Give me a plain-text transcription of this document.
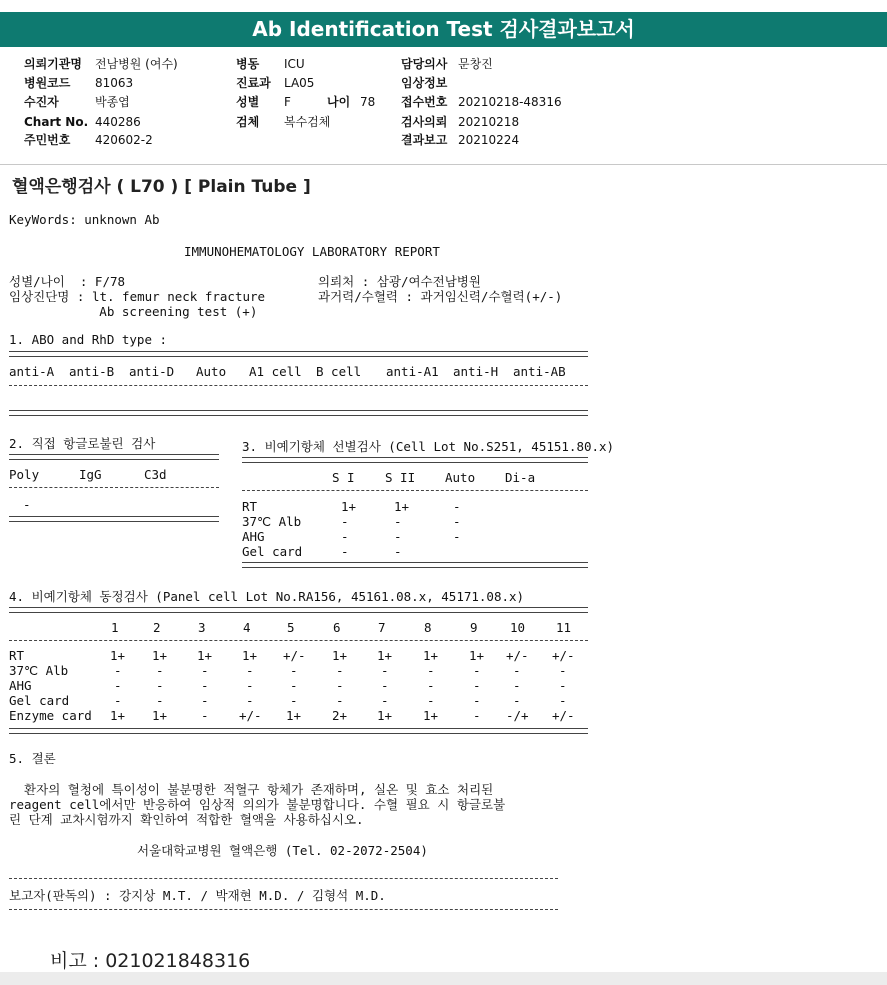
Ab Identification Test 검사결과보고서
의뢰기관명 전남병원 (여수)
병원코드 81063
수진자	박종엽
Chart No. 440286
주민번호 420602-2
병동 ICU
진료과 LA05
성별 F	나이 78
검체 복수검체
담당의사 문창진
임상정보
접수번호 20210218-48316
검사의뢰 20210218
결과보고 20210224
혈액은행검사 ( L70 ) [ Plain Tube ]
KeyWords: unknown Ab
IMMUNOHEMATOLOGY LABORATORY REPORT
성별/나이  : F/78
임상진단명 : lt. femur neck fracture
Ab screening test (+)
의뢰처 : 삼광/여수전남병원
과거력/수혈력 : 과거임신력/수혈력(+/-)
1. ABO and RhD type :
anti-A anti-B anti-D Auto A1 cell B cell anti-A1 anti-H anti-AB
2. 직접 항글로불린 검사
Poly	IgG	C3d
-
3. 비예기항체 선별검사 (Cell Lot No.S251, 45151.80.x)
S I S II Auto Di-a
RT	1+	1+	-
37℃ Alb	-	-	-
AHG	-	-	-
Gel card	-	-
4. 비예기항체 동정검사 (Panel cell Lot No.RA156, 45161.08.x, 45171.08.x)
1	2	3	4	5	6	7	8	9	10 11
RT	1+ 1+ 1+ 1+ +/- 1+ 1+ 1+ 1+ +/- +/-
37℃ Alb	-	-	-	-	-	-	-	-	-	-	-
AHG	-	-	-	-	-	-	-	-	-	-	-
Gel card	-	-	-	-	-	-	-	-	-	-	-
Enzyme card 1+ 1+	- +/- 1+ 2+ 1+ 1+	- -/+ +/-
5. 결론
환자의 혈청에 특이성이 불분명한 적혈구 항체가 존재하며, 실온 및 효소 처리된
reagent cell에서만 반응하여 임상적 의의가 불분명합니다. 수혈 필요 시 항글로불
린 단계 교차시험까지 확인하여 적합한 혈액을 사용하십시오.
서울대학교병원 혈액은행 (Tel. 02-2072-2504)
보고자(판독의) : 강지상 M.T. / 박재현 M.D. / 김형석 M.D.
비고 : 021021848316
